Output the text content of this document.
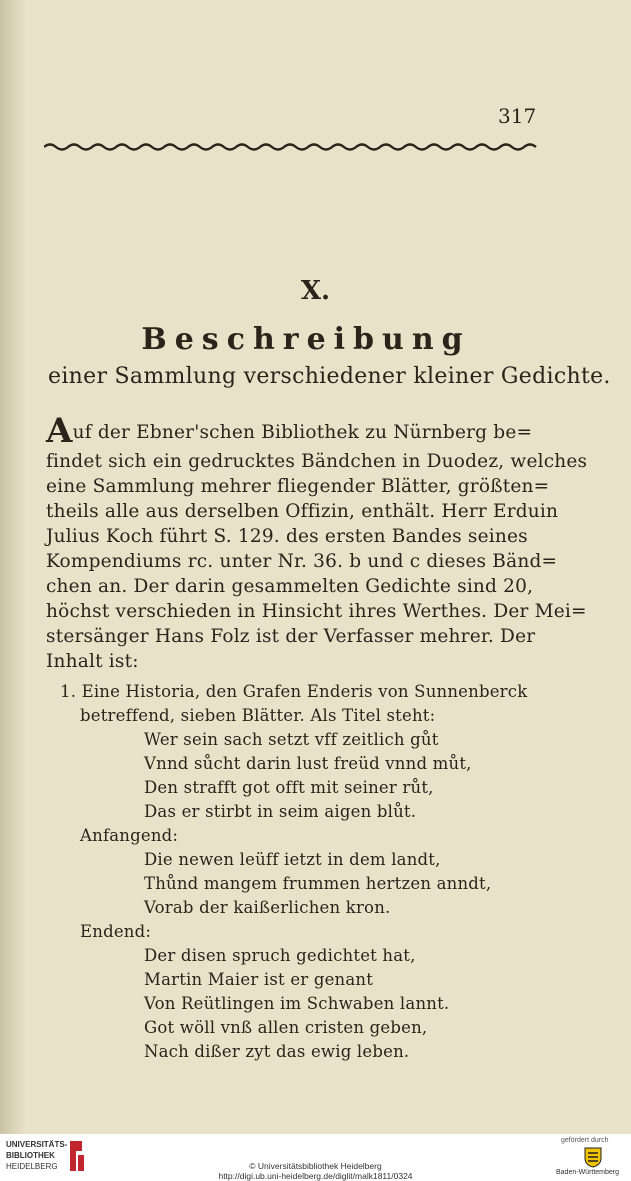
317
X.
Beschreibung
einer Sammlung verschiedener kleiner Gedichte.
Auf der Ebner'schen Bibliothek zu Nürnberg be=
findet sich ein gedrucktes Bändchen in Duodez, welches
eine Sammlung mehrer fliegender Blätter, größten=
theils alle aus derselben Offizin, enthält. Herr Erduin
Julius Koch führt S. 129. des ersten Bandes seines
Kompendiums rc. unter Nr. 36. b und c dieses Bänd=
chen an. Der darin gesammelten Gedichte sind 20,
höchst verschieden in Hinsicht ihres Werthes. Der Mei=
stersänger Hans Folz ist der Verfasser mehrer. Der
Inhalt ist:
1. Eine Historia, den Grafen Enderis von Sunnenberck
betreffend, sieben Blätter. Als Titel steht:
Wer sein sach setzt vff zeitlich gůt
Vnnd sůcht darin lust freüd vnnd můt,
Den strafft got offt mit seiner růt,
Das er stirbt in seim aigen blůt.
Anfangend:
Die newen leüff ietzt in dem landt,
Thůnd mangem frummen hertzen anndt,
Vorab der kaißerlichen kron.
Endend:
Der disen spruch gedichtet hat,
Martin Maier ist er genant
Von Reütlingen im Schwaben lannt.
Got wöll vnß allen cristen geben,
Nach dißer zyt das ewig leben.
UNIVERSITÄTS-
BIBLIOTHEK
HEIDELBERG	© Universitätsbibliothek Heidelberg
http://digi.ub.uni-heidelberg.de/diglit/malk1811/0324
gefördert durch
Baden-Württemberg
